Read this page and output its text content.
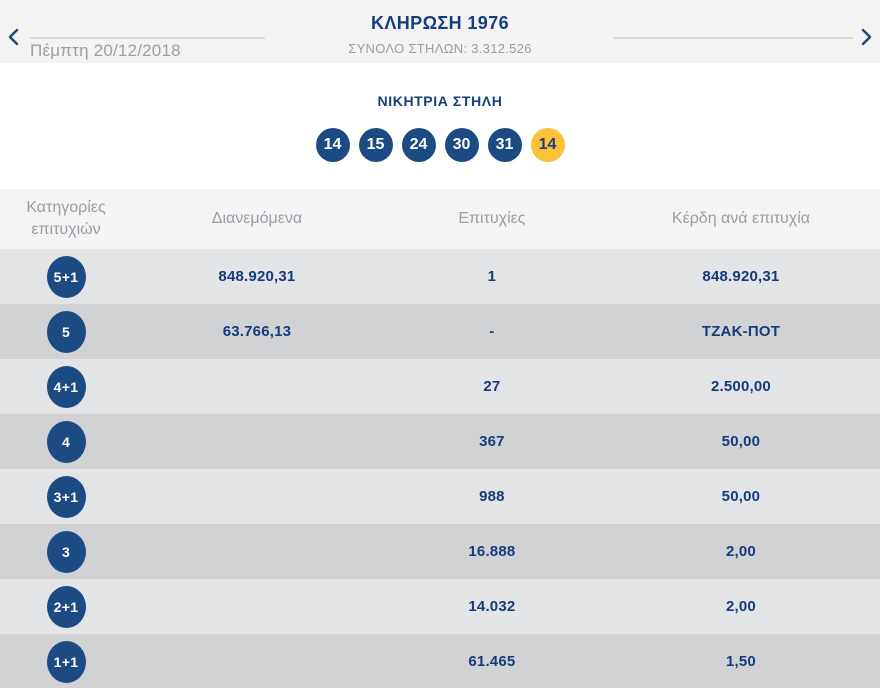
Πέμπτη 20/12/2018
ΚΛΗΡΩΣΗ 1976
ΣΥΝΟΛΟ ΣΤΗΛΩΝ: 3.312.526
ΝΙΚΗΤΡΙΑ ΣΤΗΛΗ
14	15	24	30	31	14
Κατηγορίες επιτυχιών	Διανεμόμενα	Επιτυχίες	Κέρδη ανά επιτυχία
5+1	848.920,31	1	848.920,31
5	63.766,13	-	ΤΖΑΚ-ΠΟΤ
4+1		27	2.500,00
4		367	50,00
3+1		988	50,00
3		16.888	2,00
2+1		14.032	2,00
1+1		61.465	1,50
